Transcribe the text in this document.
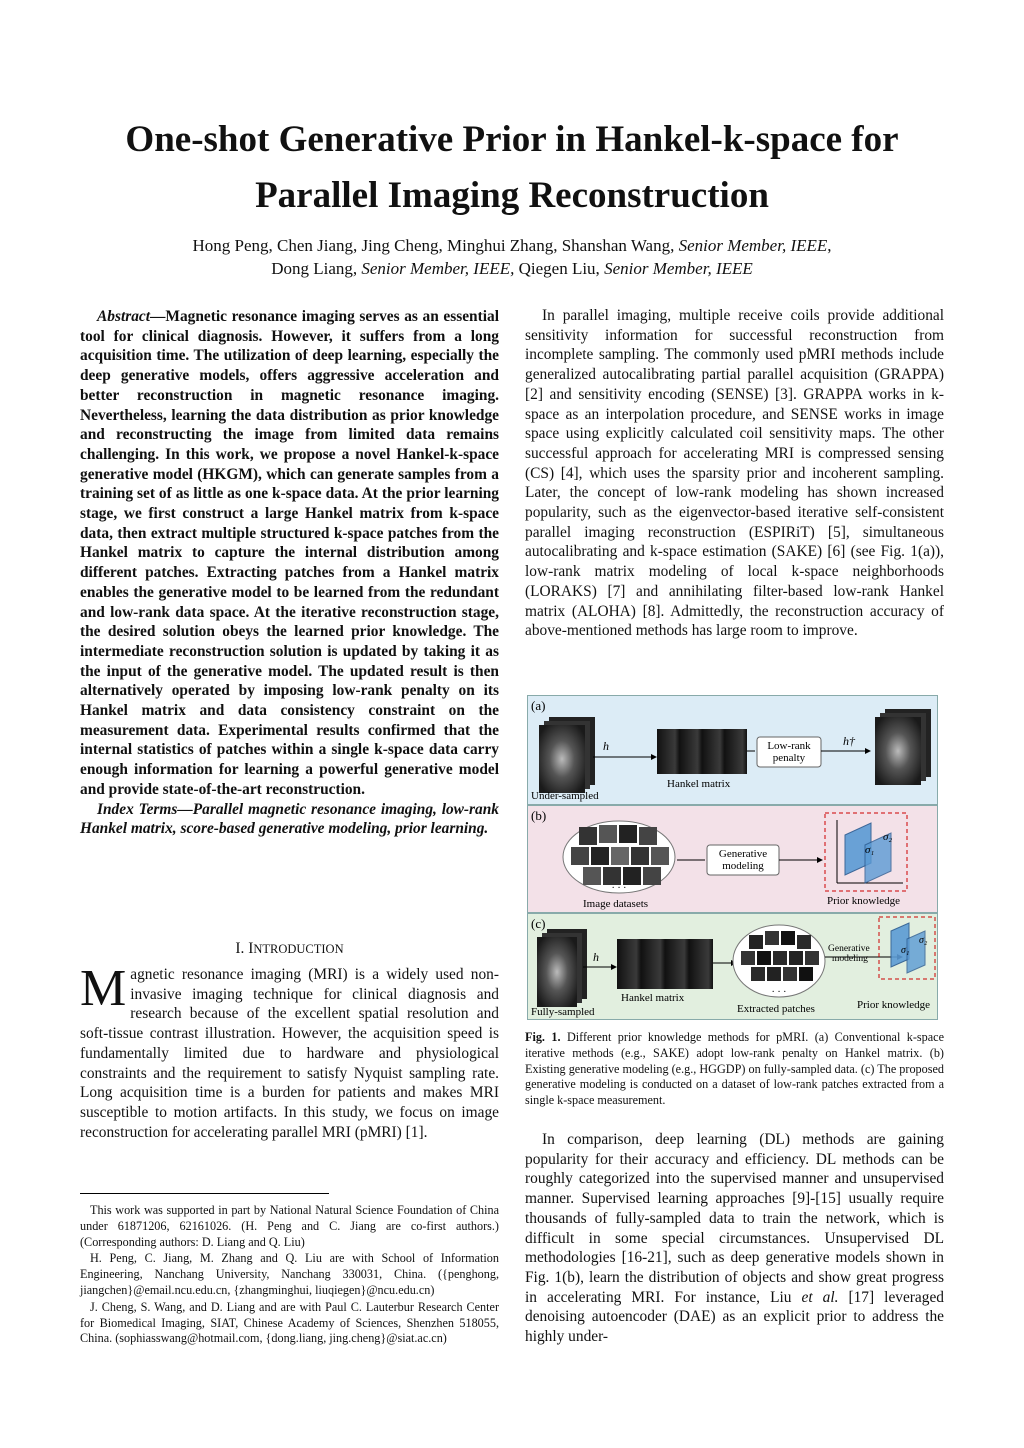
One-shot Generative Prior in Hankel-k-space for
Parallel Imaging Reconstruction
Hong Peng, Chen Jiang, Jing Cheng, Minghui Zhang, Shanshan Wang, Senior Member, IEEE,
Dong Liang, Senior Member, IEEE, Qiegen Liu, Senior Member, IEEE

Abstract—Magnetic resonance imaging serves as an essential tool for clinical diagnosis. However, it suffers from a long acquisition time. The utilization of deep learning, especially the deep generative models, offers aggressive acceleration and better reconstruction in magnetic resonance imaging. Nevertheless, learning the data distribution as prior knowledge and reconstructing the image from limited data remains challenging. In this work, we propose a novel Hankel-k-space generative model (HKGM), which can generate samples from a training set of as little as one k-space data. At the prior learning stage, we first construct a large Hankel matrix from k-space data, then extract multiple structured k-space patches from the Hankel matrix to capture the internal distribution among different patches. Extracting patches from a Hankel matrix enables the generative model to be learned from the redundant and low-rank data space. At the iterative reconstruction stage, the desired solution obeys the learned prior knowledge. The intermediate reconstruction solution is updated by taking it as the input of the generative model. The updated result is then alternatively operated by imposing low-rank penalty on its Hankel matrix and data consistency constraint on the measurement data. Experimental results confirmed that the internal statistics of patches within a single k-space data carry enough information for learning a powerful generative model and provide state-of-the-art reconstruction.

Index Terms—Parallel magnetic resonance imaging, low-rank Hankel matrix, score-based generative modeling, prior learning.

I. INTRODUCTION

Magnetic resonance imaging (MRI) is a widely used non-invasive imaging technique for clinical diagnosis and research because of the excellent spatial resolution and soft-tissue contrast illustration. However, the acquisition speed is fundamentally limited due to hardware and physiological constraints and the requirement to satisfy Nyquist sampling rate. Long acquisition time is a burden for patients and makes MRI susceptible to motion artifacts. In this study, we focus on image reconstruction for accelerating parallel MRI (pMRI) [1].

This work was supported in part by National Natural Science Foundation of China under 61871206, 62161026. (H. Peng and C. Jiang are co-first authors.) (Corresponding authors: D. Liang and Q. Liu)

H. Peng, C. Jiang, M. Zhang and Q. Liu are with School of Information Engineering, Nanchang University, Nanchang 330031, China. ({penghong, jiangchen}@email.ncu.edu.cn, {zhangminghui, liuqiegen}@ncu.edu.cn)

J. Cheng, S. Wang, and D. Liang and are with Paul C. Lauterbur Research Center for Biomedical Imaging, SIAT, Chinese Academy of Sciences, Shenzhen 518055, China. (sophiasswang@hotmail.com, {dong.liang, jing.cheng}@siat.ac.cn)

In parallel imaging, multiple receive coils provide additional sensitivity information for successful reconstruction from incomplete sampling. The commonly used pMRI methods include generalized autocalibrating partial parallel acquisition (GRAPPA) [2] and sensitivity encoding (SENSE) [3]. GRAPPA works in k-space as an interpolation procedure, and SENSE works in image space using explicitly calculated coil sensitivity maps. The other successful approach for accelerating MRI is compressed sensing (CS) [4], which uses the sparsity prior and incoherent sampling. Later, the concept of low-rank modeling has shown increased popularity, such as the eigenvector-based iterative self-consistent parallel imaging reconstruction (ESPIRiT) [5], simultaneous autocalibrating and k-space estimation (SAKE) [6] (see Fig. 1(a)), low-rank matrix modeling of local k-space neighborhoods (LORAKS) [7] and annihilating filter-based low-rank Hankel matrix (ALOHA) [8]. Admittedly, the reconstruction accuracy of above-mentioned methods has large room to improve.

(a)
Under-sampled
h
Hankel matrix
Low-rank
penalty
h†
(b)
· · ·
Image datasets
Generative
modeling
σ₁
σ₂
Prior knowledge
(c)
Fully-sampled
h
Hankel matrix	· · ·
Extracted patches
Generative
modeling
σ₁
σ₂
Prior knowledge
Fig. 1. Different prior knowledge methods for pMRI. (a) Conventional k-space iterative methods (e.g., SAKE) adopt low-rank penalty on Hankel matrix. (b) Existing generative modeling (e.g., HGGDP) on fully-sampled data. (c) The proposed generative modeling is conducted on a dataset of low-rank patches extracted from a single k-space measurement.

In comparison, deep learning (DL) methods are gaining popularity for their accuracy and efficiency. DL methods can be roughly categorized into the supervised manner and unsupervised manner. Supervised learning approaches [9]-[15] usually require thousands of fully-sampled data to train the network, which is difficult in some special circumstances. Unsupervised DL methodologies [16-21], such as deep generative models shown in Fig. 1(b), learn the distribution of objects and show great progress in accelerating MRI. For instance, Liu et al. [17] leveraged denoising autoencoder (DAE) as an explicit prior to address the highly under-
